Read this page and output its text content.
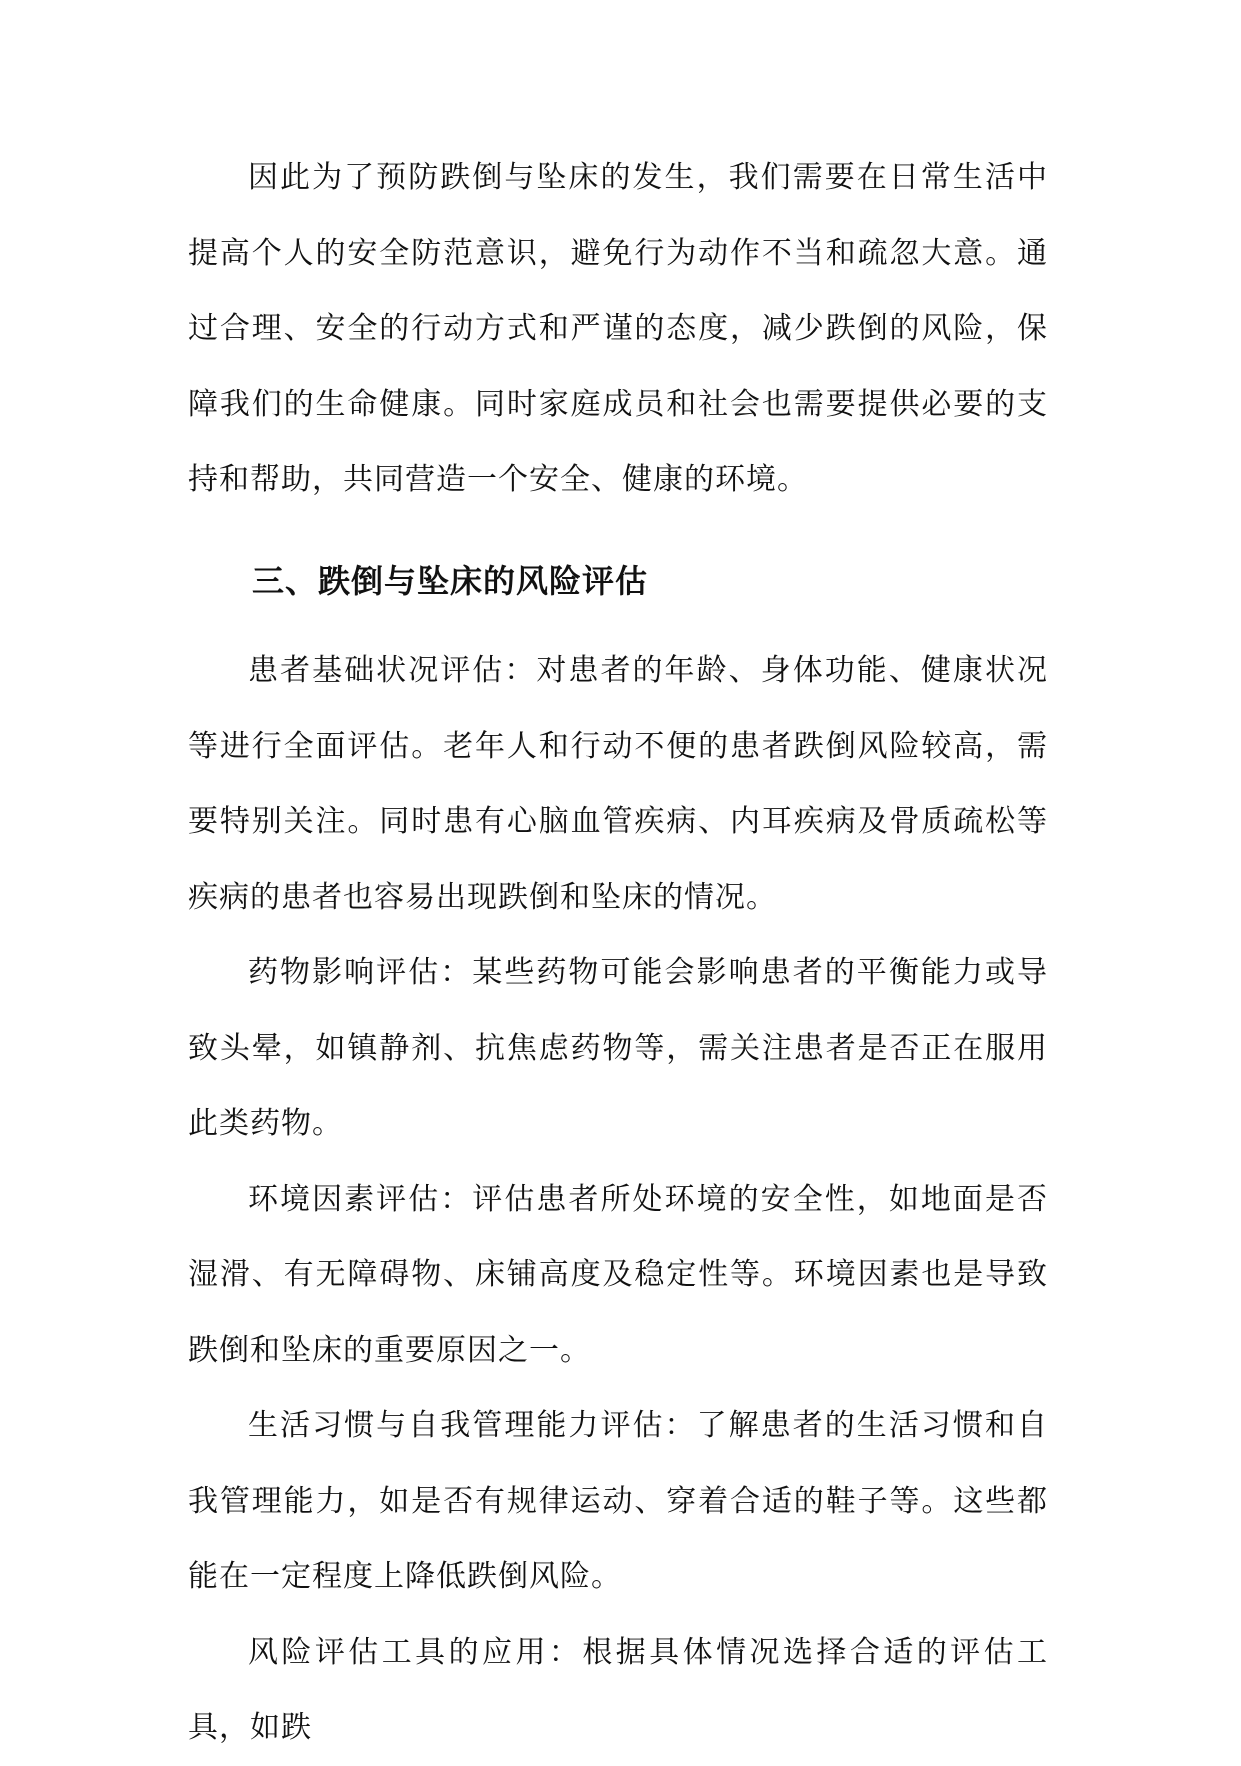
因此为了预防跌倒与坠床的发生，我们需要在日常生活中提高个人的安全防范意识，避免行为动作不当和疏忽大意。通过合理、安全的行动方式和严谨的态度，减少跌倒的风险，保障我们的生命健康。同时家庭成员和社会也需要提供必要的支持和帮助，共同营造一个安全、健康的环境。

三、跌倒与坠床的风险评估

患者基础状况评估：对患者的年龄、身体功能、健康状况等进行全面评估。老年人和行动不便的患者跌倒风险较高，需要特别关注。同时患有心脑血管疾病、内耳疾病及骨质疏松等疾病的患者也容易出现跌倒和坠床的情况。

药物影响评估：某些药物可能会影响患者的平衡能力或导致头晕，如镇静剂、抗焦虑药物等，需关注患者是否正在服用此类药物。

环境因素评估：评估患者所处环境的安全性，如地面是否湿滑、有无障碍物、床铺高度及稳定性等。环境因素也是导致跌倒和坠床的重要原因之一。

生活习惯与自我管理能力评估：了解患者的生活习惯和自我管理能力，如是否有规律运动、穿着合适的鞋子等。这些都能在一定程度上降低跌倒风险。

风险评估工具的应用：根据具体情况选择合适的评估工具，如跌
